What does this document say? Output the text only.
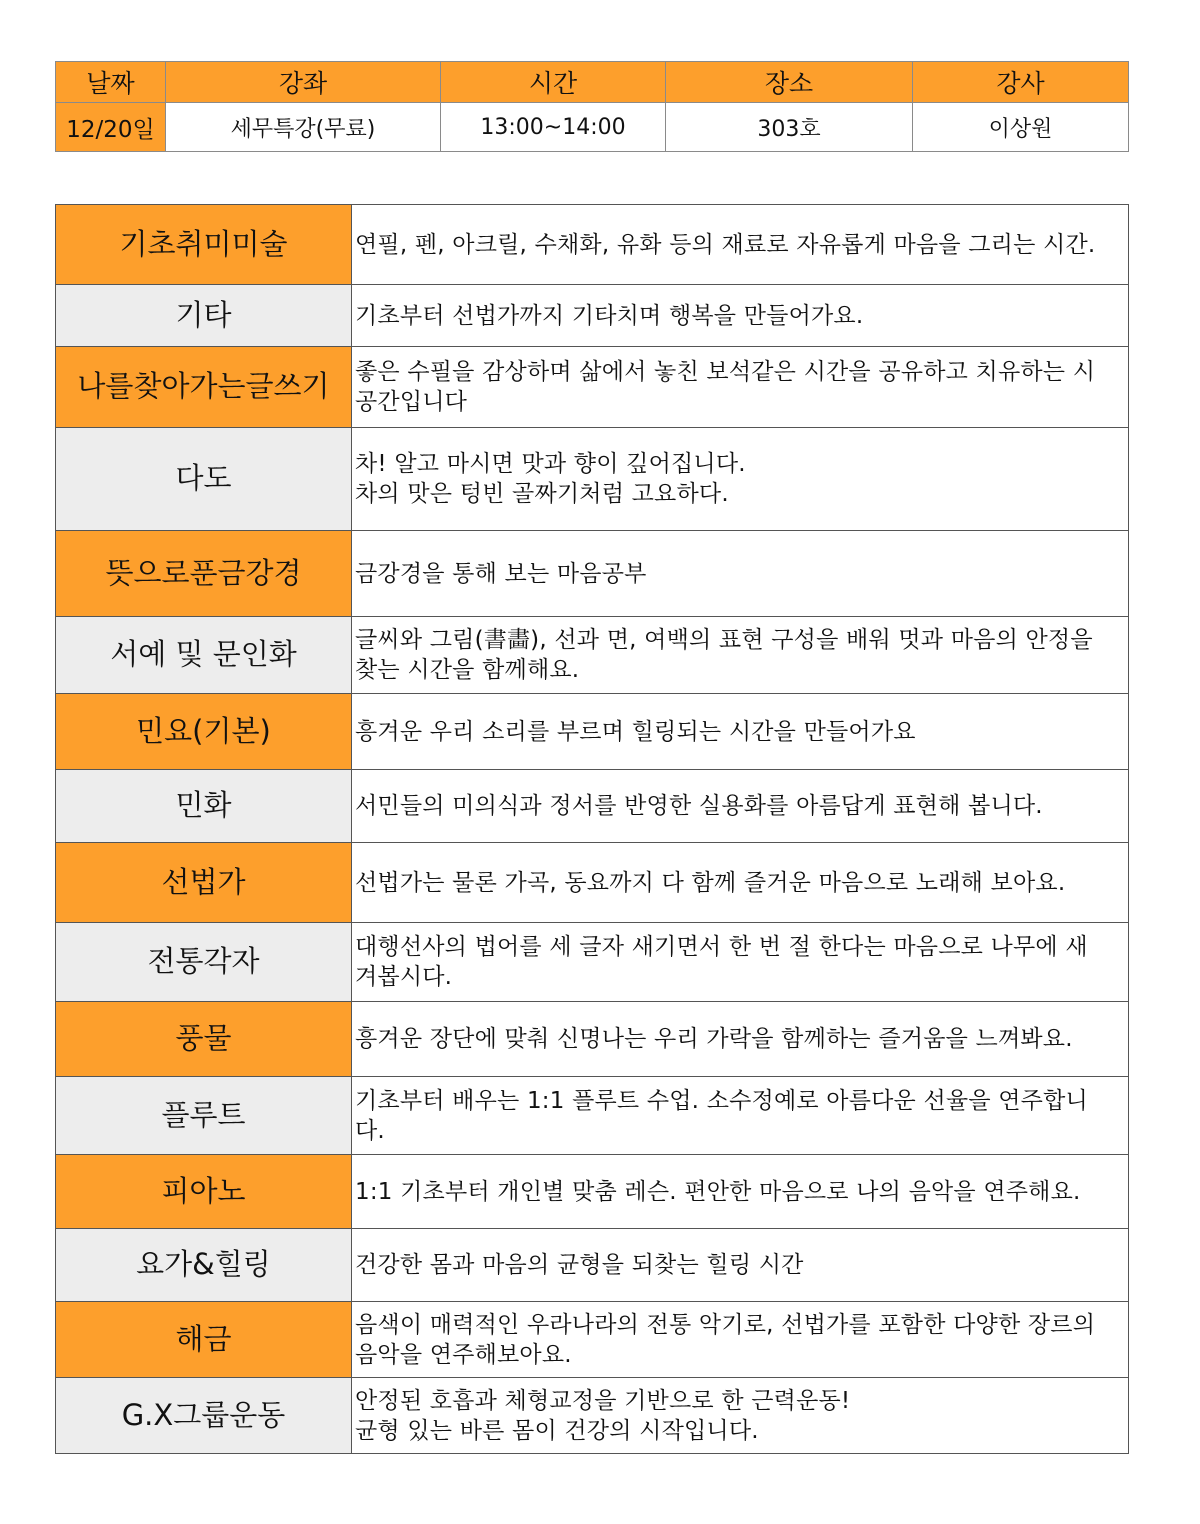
날짜	강좌	시간	장소	강사
12/20일	세무특강(무료)	13:00~14:00	303호	이상원
기초취미미술	연필, 펜, 아크릴, 수채화, 유화 등의 재료로 자유롭게 마음을 그리는 시간.
기타	기초부터 선법가까지 기타치며 행복을 만들어가요.
나를찾아가는글쓰기	좋은 수필을 감상하며 삶에서 놓친 보석같은 시간을 공유하고 치유하는 시
공간입니다
다도	차! 알고 마시면 맛과 향이 깊어집니다.
차의 맛은 텅빈 골짜기처럼 고요하다.
뜻으로푼금강경	금강경을 통해 보는 마음공부
서예 및 문인화	글씨와 그림(書畵), 선과 면, 여백의 표현 구성을 배워 멋과 마음의 안정을
찾는 시간을 함께해요.
민요(기본)	흥겨운 우리 소리를 부르며 힐링되는 시간을 만들어가요
민화	서민들의 미의식과 정서를 반영한 실용화를 아름답게 표현해 봅니다.
선법가	선법가는 물론 가곡, 동요까지 다 함께 즐거운 마음으로 노래해 보아요.
전통각자	대행선사의 법어를 세 글자 새기면서 한 번 절 한다는 마음으로 나무에 새
겨봅시다.
풍물	흥겨운 장단에 맞춰 신명나는 우리 가락을 함께하는 즐거움을 느껴봐요.
플루트	기초부터 배우는 1:1 플루트 수업. 소수정예로 아름다운 선율을 연주합니
다.
피아노	1:1 기초부터 개인별 맞춤 레슨. 편안한 마음으로 나의 음악을 연주해요.
요가&힐링	건강한 몸과 마음의 균형을 되찾는 힐링 시간
해금	음색이 매력적인 우라나라의 전통 악기로, 선법가를 포함한 다양한 장르의
음악을 연주해보아요.
G.X그룹운동	안정된 호흡과 체형교정을 기반으로 한 근력운동!
균형 있는 바른 몸이 건강의 시작입니다.
